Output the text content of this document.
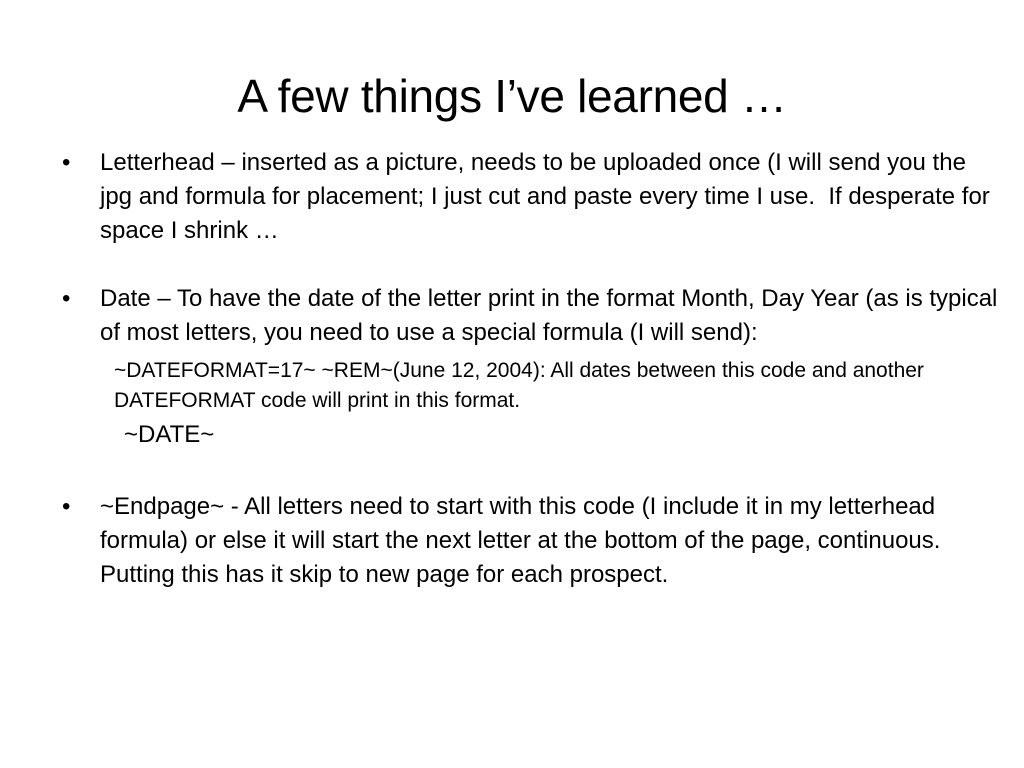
A few things I’ve learned …
• Letterhead – inserted as a picture, needs to be uploaded once (I will send you the jpg and formula for placement; I just cut and paste every time I use.  If desperate for space I shrink …
• Date – To have the date of the letter print in the format Month, Day Year (as is typical of most letters, you need to use a special formula (I will send):

~DATEFORMAT=17~ ~REM~(June 12, 2004): All dates between this code and another DATEFORMAT code will print in this format.

~DATE~

• ~Endpage~ - All letters need to start with this code (I include it in my letterhead formula) or else it will start the next letter at the bottom of the page, continuous.  Putting this has it skip to new page for each prospect.
